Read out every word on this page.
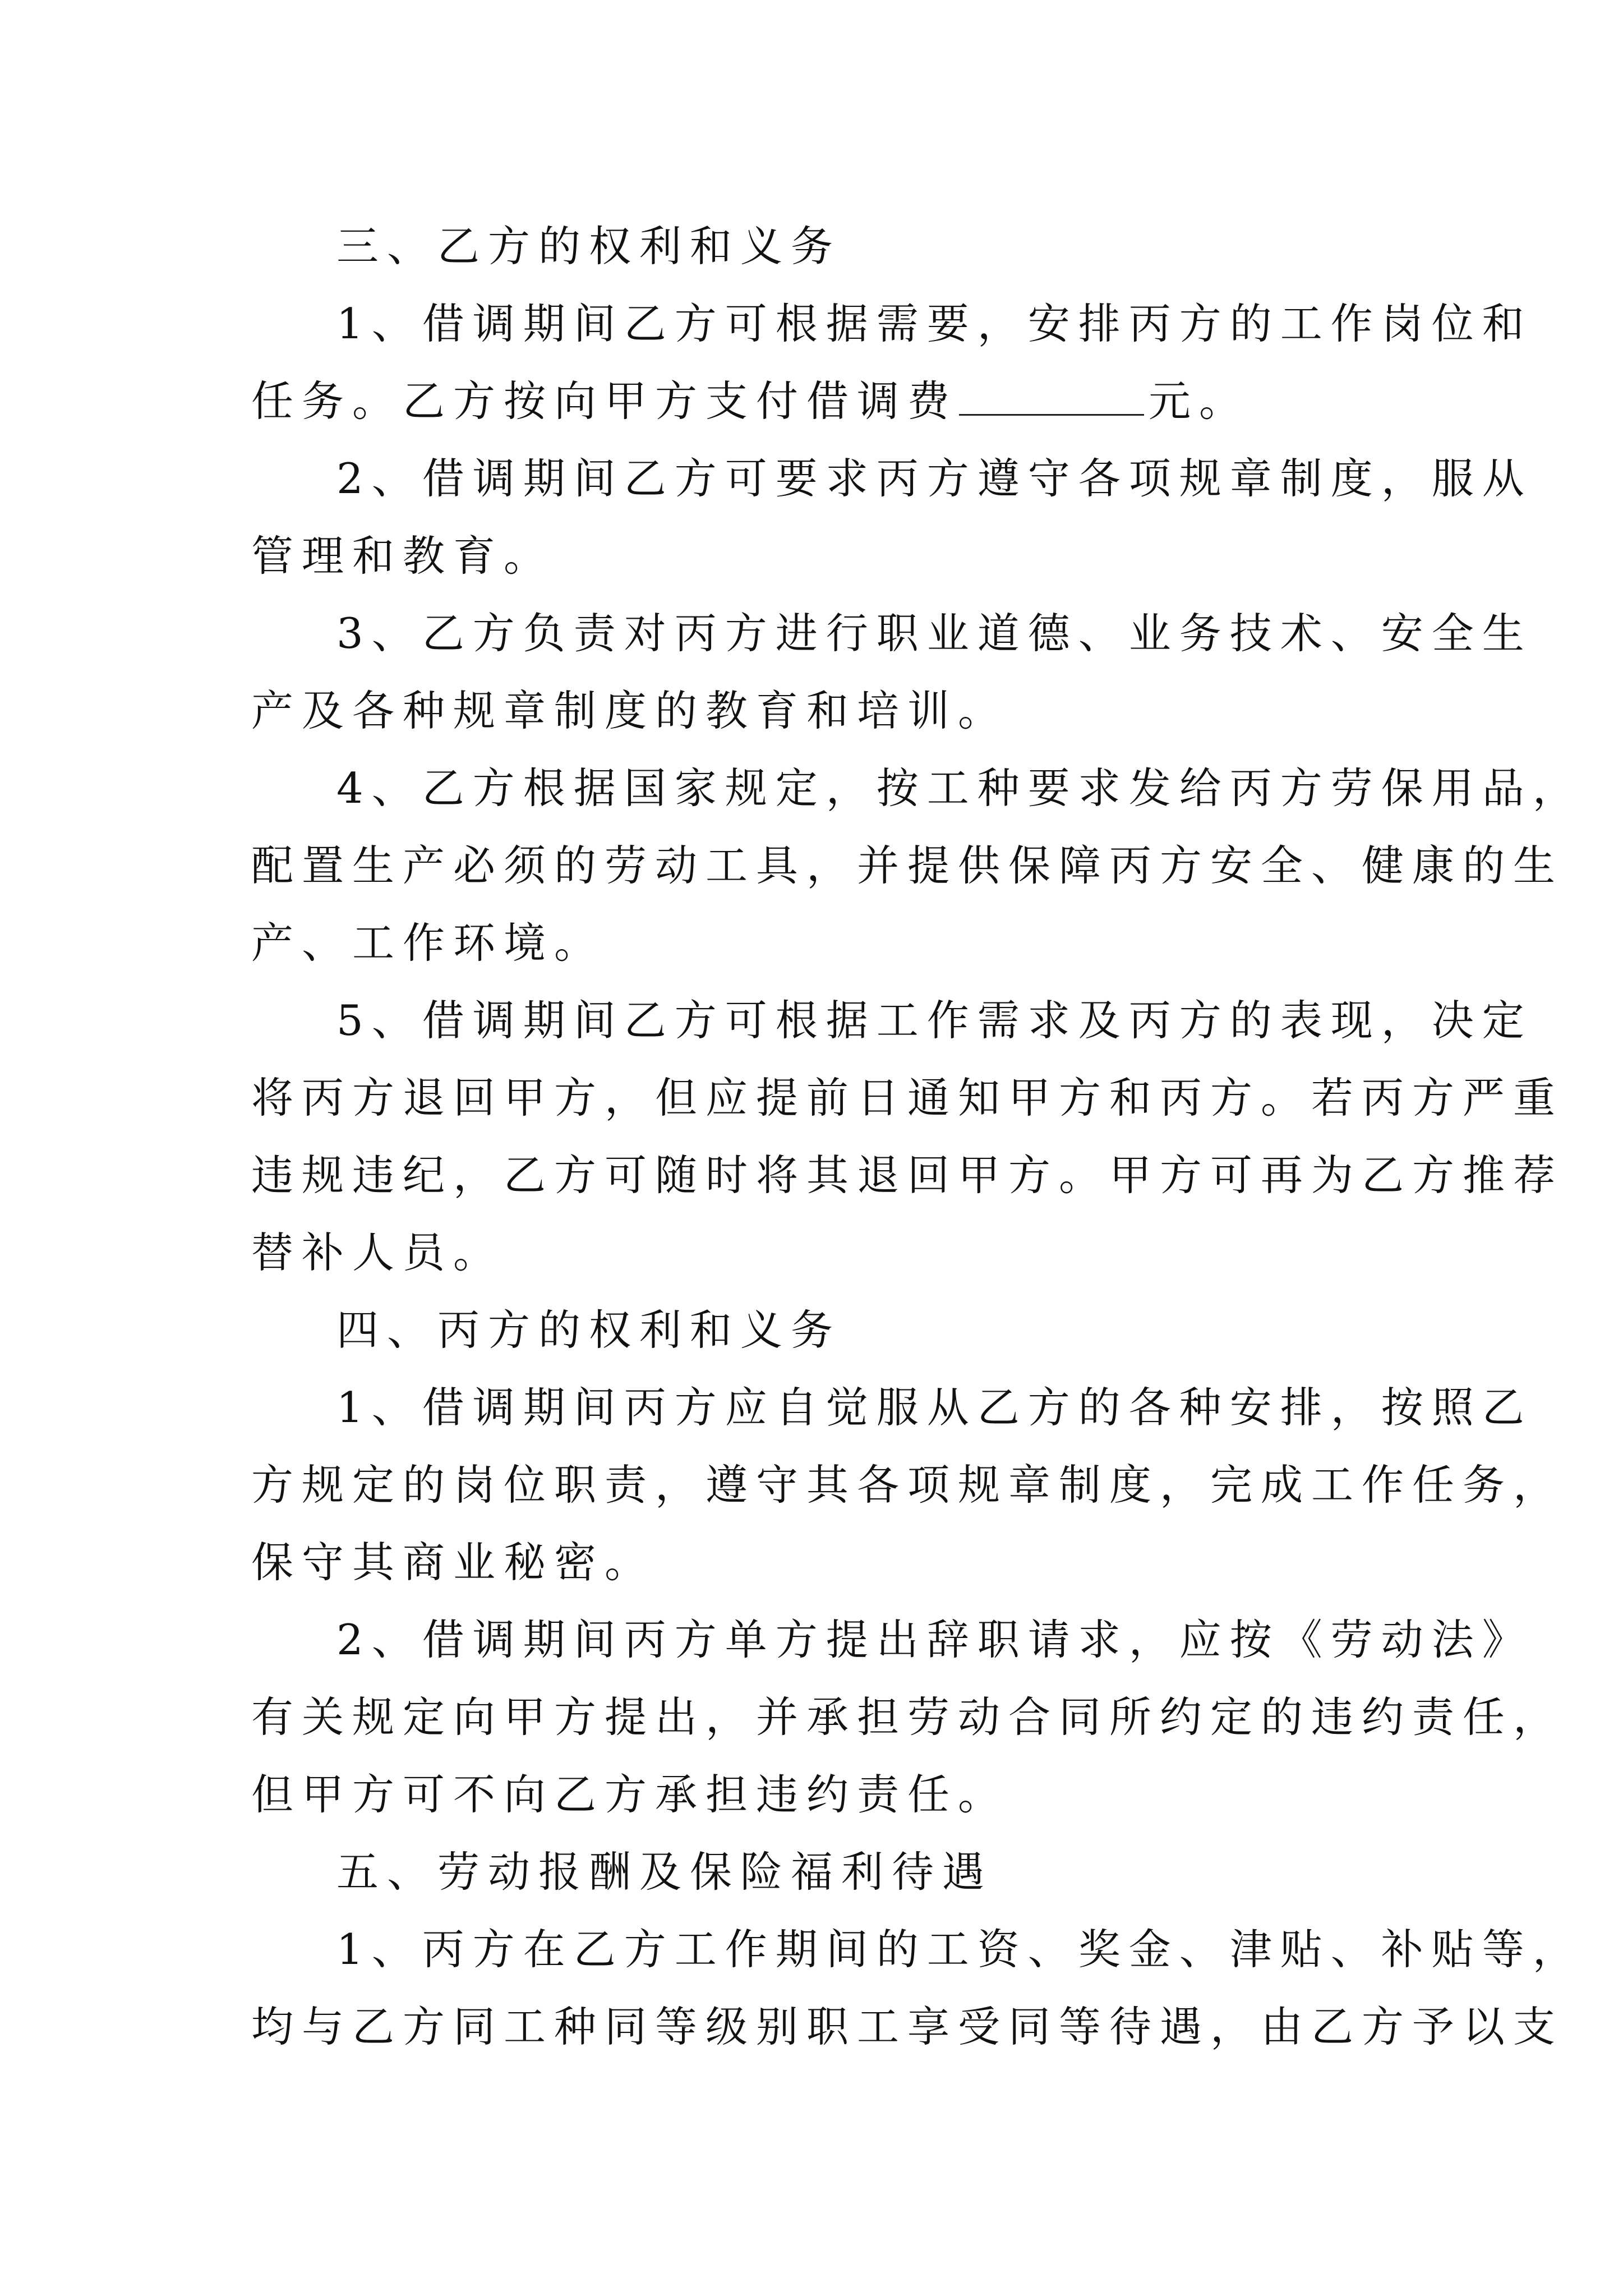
三、乙方的权利和义务
1、借调期间乙方可根据需要，安排丙方的工作岗位和
任务。乙方按向甲方支付借调费	元。
2、借调期间乙方可要求丙方遵守各项规章制度，服从
管理和教育。
3、乙方负责对丙方进行职业道德、业务技术、安全生
产及各种规章制度的教育和培训。
4、乙方根据国家规定，按工种要求发给丙方劳保用品，
配置生产必须的劳动工具，并提供保障丙方安全、健康的生
产、工作环境。
5、借调期间乙方可根据工作需求及丙方的表现，决定
将丙方退回甲方，但应提前日通知甲方和丙方。若丙方严重
违规违纪，乙方可随时将其退回甲方。甲方可再为乙方推荐
替补人员。
四、丙方的权利和义务
1、借调期间丙方应自觉服从乙方的各种安排，按照乙
方规定的岗位职责，遵守其各项规章制度，完成工作任务，
保守其商业秘密。
2、借调期间丙方单方提出辞职请求，应按《劳动法》
有关规定向甲方提出，并承担劳动合同所约定的违约责任，
但甲方可不向乙方承担违约责任。
五、劳动报酬及保险福利待遇
1、丙方在乙方工作期间的工资、奖金、津贴、补贴等，
均与乙方同工种同等级别职工享受同等待遇，由乙方予以支
